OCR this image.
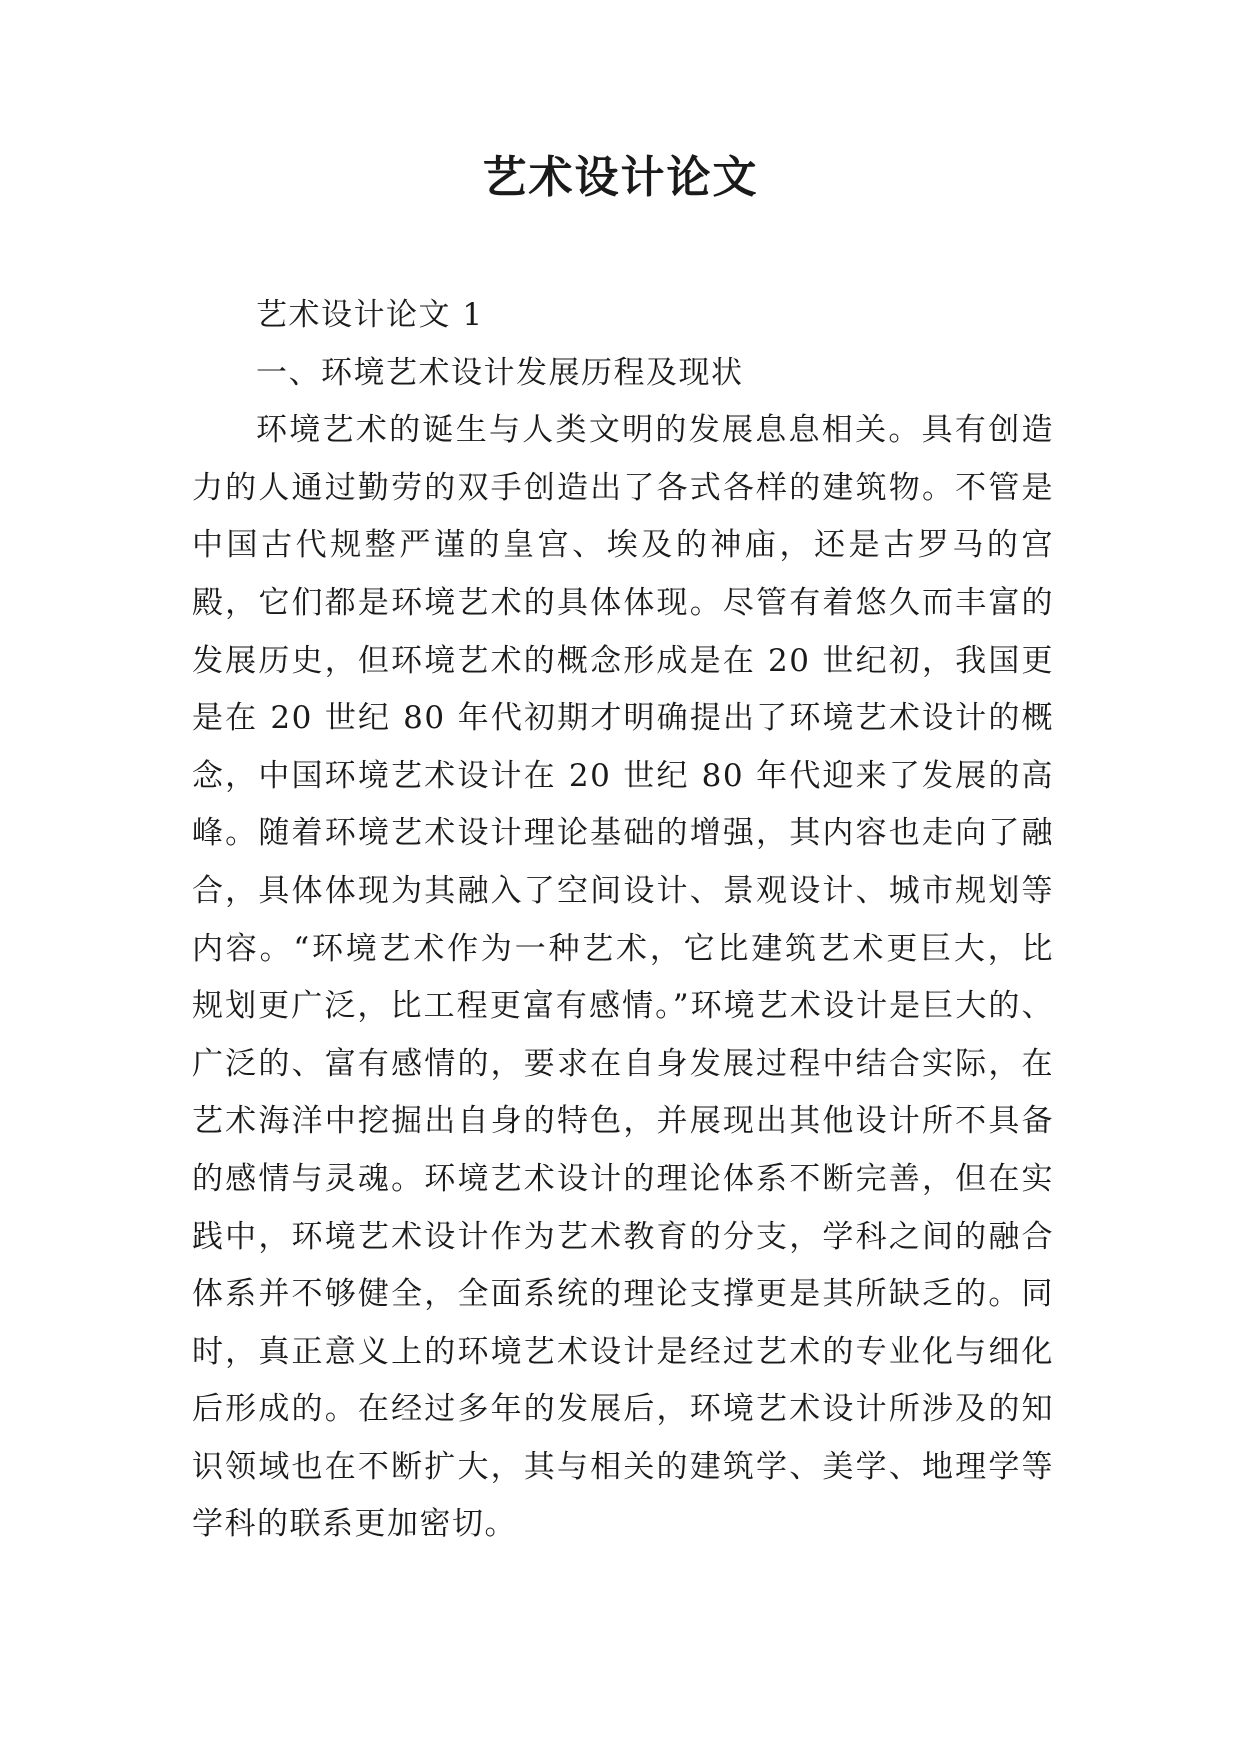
艺术设计论文

艺术设计论文 1

一、环境艺术设计发展历程及现状

环境艺术的诞生与人类文明的发展息息相关。具有创造力的人通过勤劳的双手创造出了各式各样的建筑物。不管是中国古代规整严谨的皇宫、埃及的神庙，还是古罗马的宫殿，它们都是环境艺术的具体体现。尽管有着悠久而丰富的发展历史，但环境艺术的概念形成是在 20 世纪初，我国更是在 20 世纪 80 年代初期才明确提出了环境艺术设计的概念，中国环境艺术设计在 20 世纪 80 年代迎来了发展的高峰。随着环境艺术设计理论基础的增强，其内容也走向了融合，具体体现为其融入了空间设计、景观设计、城市规划等内容。“环境艺术作为一种艺术，它比建筑艺术更巨大，比规划更广泛，比工程更富有感情。”环境艺术设计是巨大的、广泛的、富有感情的，要求在自身发展过程中结合实际，在艺术海洋中挖掘出自身的特色，并展现出其他设计所不具备的感情与灵魂。环境艺术设计的理论体系不断完善，但在实践中，环境艺术设计作为艺术教育的分支，学科之间的融合体系并不够健全，全面系统的理论支撑更是其所缺乏的。同时，真正意义上的环境艺术设计是经过艺术的专业化与细化后形成的。在经过多年的发展后，环境艺术设计所涉及的知识领域也在不断扩大，其与相关的建筑学、美学、地理学等学科的联系更加密切。
